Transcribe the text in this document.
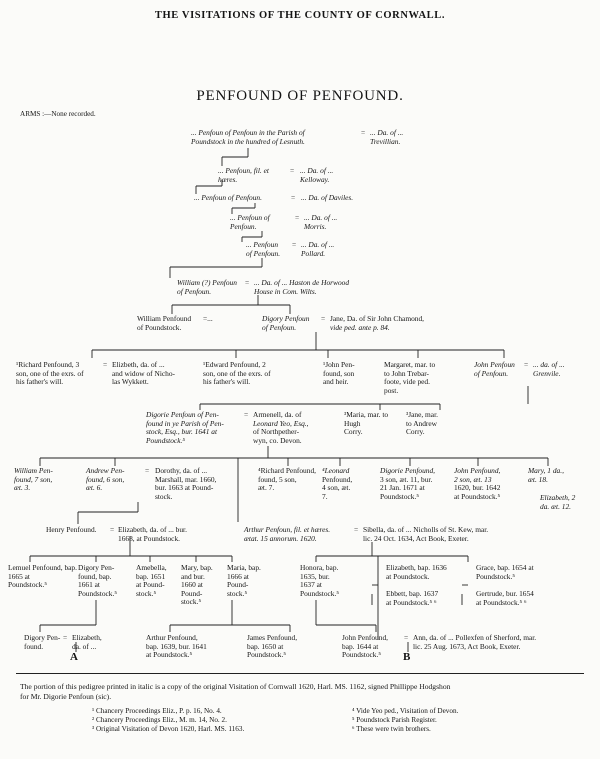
THE VISITATIONS OF THE COUNTY OF CORNWALL.
PENFOUND OF PENFOUND.
ARMS :—None recorded.
... Penfoun of Penfoun in the Parish of
Poundstock in the hundred of Lesnuth.
= ... Da. of ...
Trevillian.
... Penfoun, fil. et
hæres.
= ... Da. of ...
Kelloway.
... Penfoun of Penfoun.	= ... Da. of Daviles.
... Penfoun of
Penfoun.
= ... Da. of ...
Morris.
... Penfoun
of Penfoun.
= ... Da. of ...
Pollard.
William (?) Penfoun
of Penfoun.
= ... Da. of ... Haston de Horwood
House in Com. Wilts.
William Penfound
of Poundstock.
=...	Digory Penfoun
of Penfoun.
= Jane, Da. of Sir John Chamond,
vide ped. ante p. 84.
¹Richard Penfound, 3
son, one of the exrs. of
his father's will.
= Elizbeth, da. of ...
and widow of Nicho-
las Wykkett.
¹Edward Penfound, 2
son, one of the exrs. of
his father's will.
¹John Pen-
found, son
and heir.
Margaret, mar. to
to John Trebar-
foote, vide ped.
post.
John Penfoun
of Penfoun.
= ... da. of ...
Grenvile.
Digorie Penfoun of Pen-
found in ye Parish of Pen-
stock, Esq., bur. 1641 at
Poundstock.⁵
= Armenell, da. of
Leonard Yeo, Esq.,
of Northpether-
wyn, co. Devon.
³Maria, mar. to
Hugh
Corry.
³Jane, mar.
to Andrew
Corry.
William Pen-
found, 7 son,
æt. 3.
Andrew Pen-
found, 6 son,
æt. 6.
= Dorothy, da. of ...
Marshall, mar. 1660,
bur. 1663 at Pound-
stock.
⁴Richard Penfound,
found, 5 son,
æt. 7.
⁴Leonard
Penfound,
4 son, æt.
7.
Digorie Penfound,
3 son, æt. 11, bur.
21 Jan. 1671 at
Poundstock.⁵
John Penfound,
2 son, æt. 13
1620, bur. 1642
at Poundstock.⁵
Mary, 1 da.,
æt. 18.
Elizabeth, 2
da. æt. 12.
Henry Penfound. = Elizabeth, da. of ... bur.
1668, at Poundstock.
Arthur Penfoun, fil. et hæres.
ætat. 15 annorum. 1620.
= Sibella, da. of ... Nicholls of St. Kew, mar.
lic. 24 Oct. 1634, Act Book, Exeter.
Lemuel Penfound, bap.
1665 at
Poundstock.⁵
Digory Pen-
found, bap.
1661 at
Poundstock.⁵
Amebella,
bap. 1651
at Pound-
stock.⁵
Mary, bap.
and bur.
1660 at
Pound-
stock.⁵
Maria, bap.
1666 at
Pound-
stock.⁵
Honora, bap.
1635, bur.
1637 at
Poundstock.⁵
Elizabeth, bap. 1636
at Poundstock.
Ebbett, bap. 1637
at Poundstock.⁵ ⁶
Grace, bap. 1654 at
Poundstock.⁵
Gertrude, bur. 1654
at Poundstock.⁵ ⁶
Digory Pen-
found.
= Elizabeth,
da. of ...
A
Arthur Penfound,
bap. 1639, bur. 1641
at Poundstock.⁵
James Penfound,
bap. 1650 at
Poundstock.⁵
John Penfound,
bap. 1644 at
Poundstock.⁵
= Ann, da. of ... Pollexfen of Sherford, mar.
lic. 25 Aug. 1673, Act Book, Exeter.
B
The portion of this pedigree printed in italic is a copy of the original Visitation of Cornwall 1620, Harl. MS. 1162, signed Phillippe Hodgshon
for Mr. Digorie Penfoun (sic).
¹ Chancery Proceedings Eliz., P. p. 16, No. 4.
² Chancery Proceedings Eliz., M. m. 14, No. 2.
³ Original Visitation of Devon 1620, Harl. MS. 1163.
⁴ Vide Yeo ped., Visitation of Devon.
⁵ Poundstock Parish Register.
⁶ These were twin brothers.
